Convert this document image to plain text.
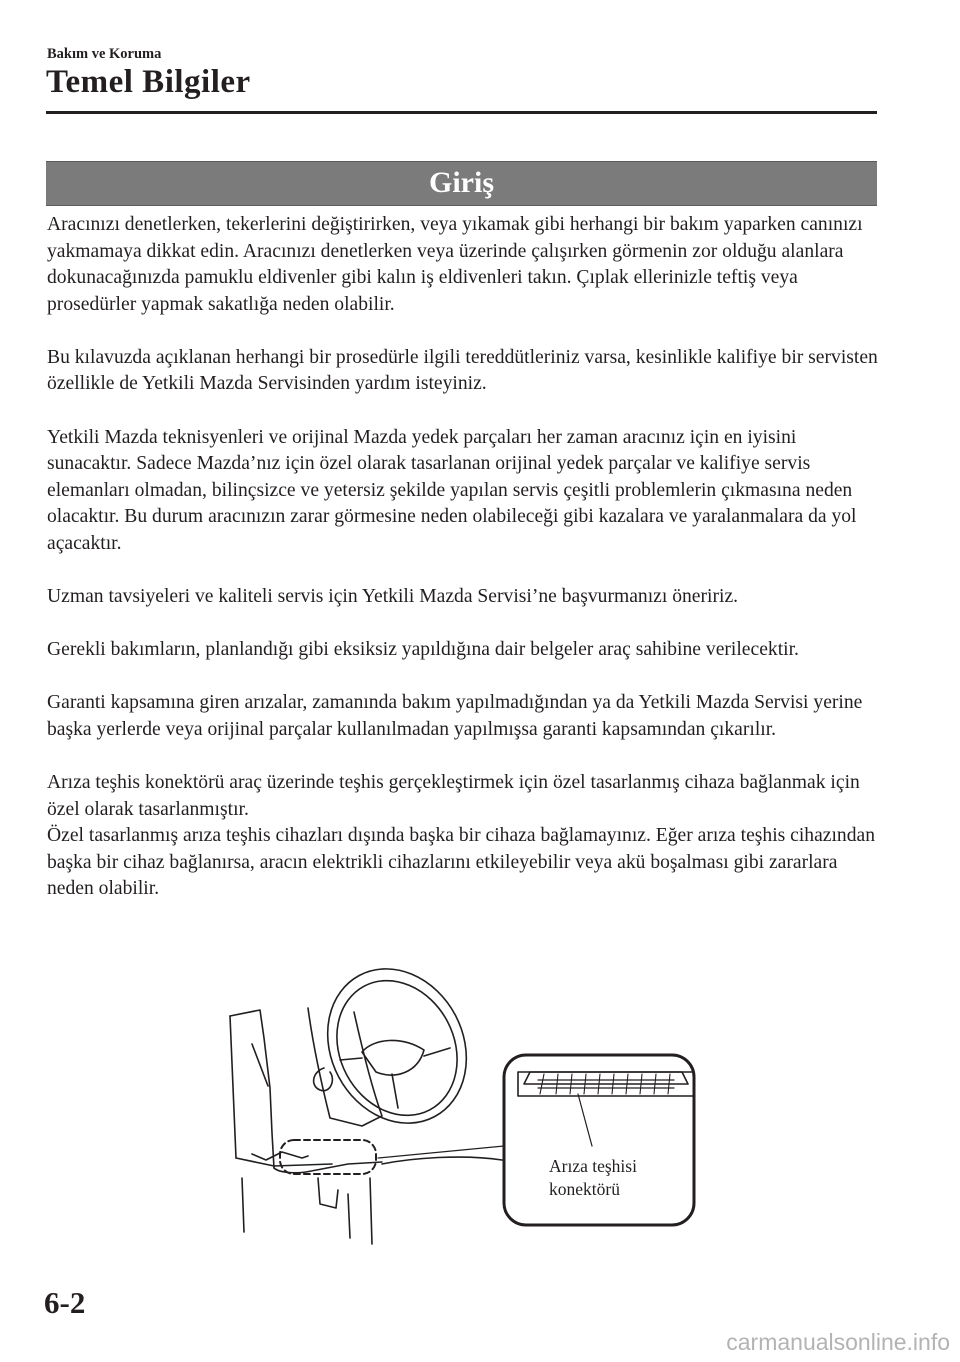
Bakım ve Koruma
Temel Bilgiler
Giriş

Aracınızı denetlerken, tekerlerini değiştirirken, veya yıkamak gibi herhangi bir bakım yaparken canınızı yakmamaya dikkat edin. Aracınızı denetlerken veya üzerinde çalışırken görmenin zor olduğu alanlara dokunacağınızda pamuklu eldivenler gibi kalın iş eldivenleri takın. Çıplak ellerinizle teftiş veya prosedürler yapmak sakatlığa neden olabilir.

Bu kılavuzda açıklanan herhangi bir prosedürle ilgili tereddütleriniz varsa, kesinlikle kalifiye bir servisten özellikle de Yetkili Mazda Servisinden yardım isteyiniz.

Yetkili Mazda teknisyenleri ve orijinal Mazda yedek parçaları her zaman aracınız için en iyisini sunacaktır. Sadece Mazda’nız için özel olarak tasarlanan orijinal yedek parçalar ve kalifiye servis elemanları olmadan, bilinçsizce ve yetersiz şekilde yapılan servis çeşitli problemlerin çıkmasına neden olacaktır. Bu durum aracınızın zarar görmesine neden olabileceği gibi kazalara ve yaralanmalara da yol açacaktır.

Uzman tavsiyeleri ve kaliteli servis için Yetkili Mazda Servisi’ne başvurmanızı öneririz.

Gerekli bakımların, planlandığı gibi eksiksiz yapıldığına dair belgeler araç sahibine verilecektir.

Garanti kapsamına giren arızalar, zamanında bakım yapılmadığından ya da Yetkili Mazda Servisi yerine başka yerlerde veya orijinal parçalar kullanılmadan yapılmışsa garanti kapsamından çıkarılır.

Arıza teşhis konektörü araç üzerinde teşhis gerçekleştirmek için özel tasarlanmış cihaza bağlanmak için özel olarak tasarlanmıştır.
Özel tasarlanmış arıza teşhis cihazları dışında başka bir cihaza bağlamayınız. Eğer arıza teşhis cihazından başka bir cihaz bağlanırsa, aracın elektrikli cihazlarını etkileyebilir veya akü boşalması gibi zararlara neden olabilir.
Arıza teşhisi
konektörü
6-2
carmanualsonline.info
